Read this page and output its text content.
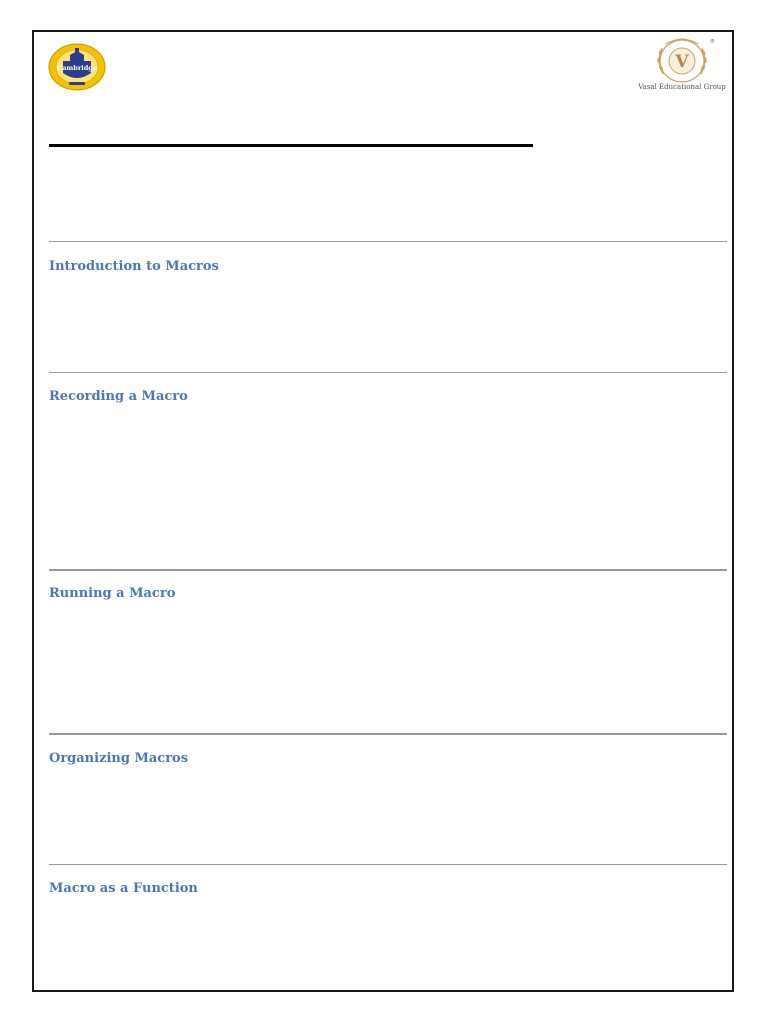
Cambridge	V
®
Vasal Educational Group
Introduction to Macros
Recording a Macro
Running a Macro
Organizing Macros
Macro as a Function
